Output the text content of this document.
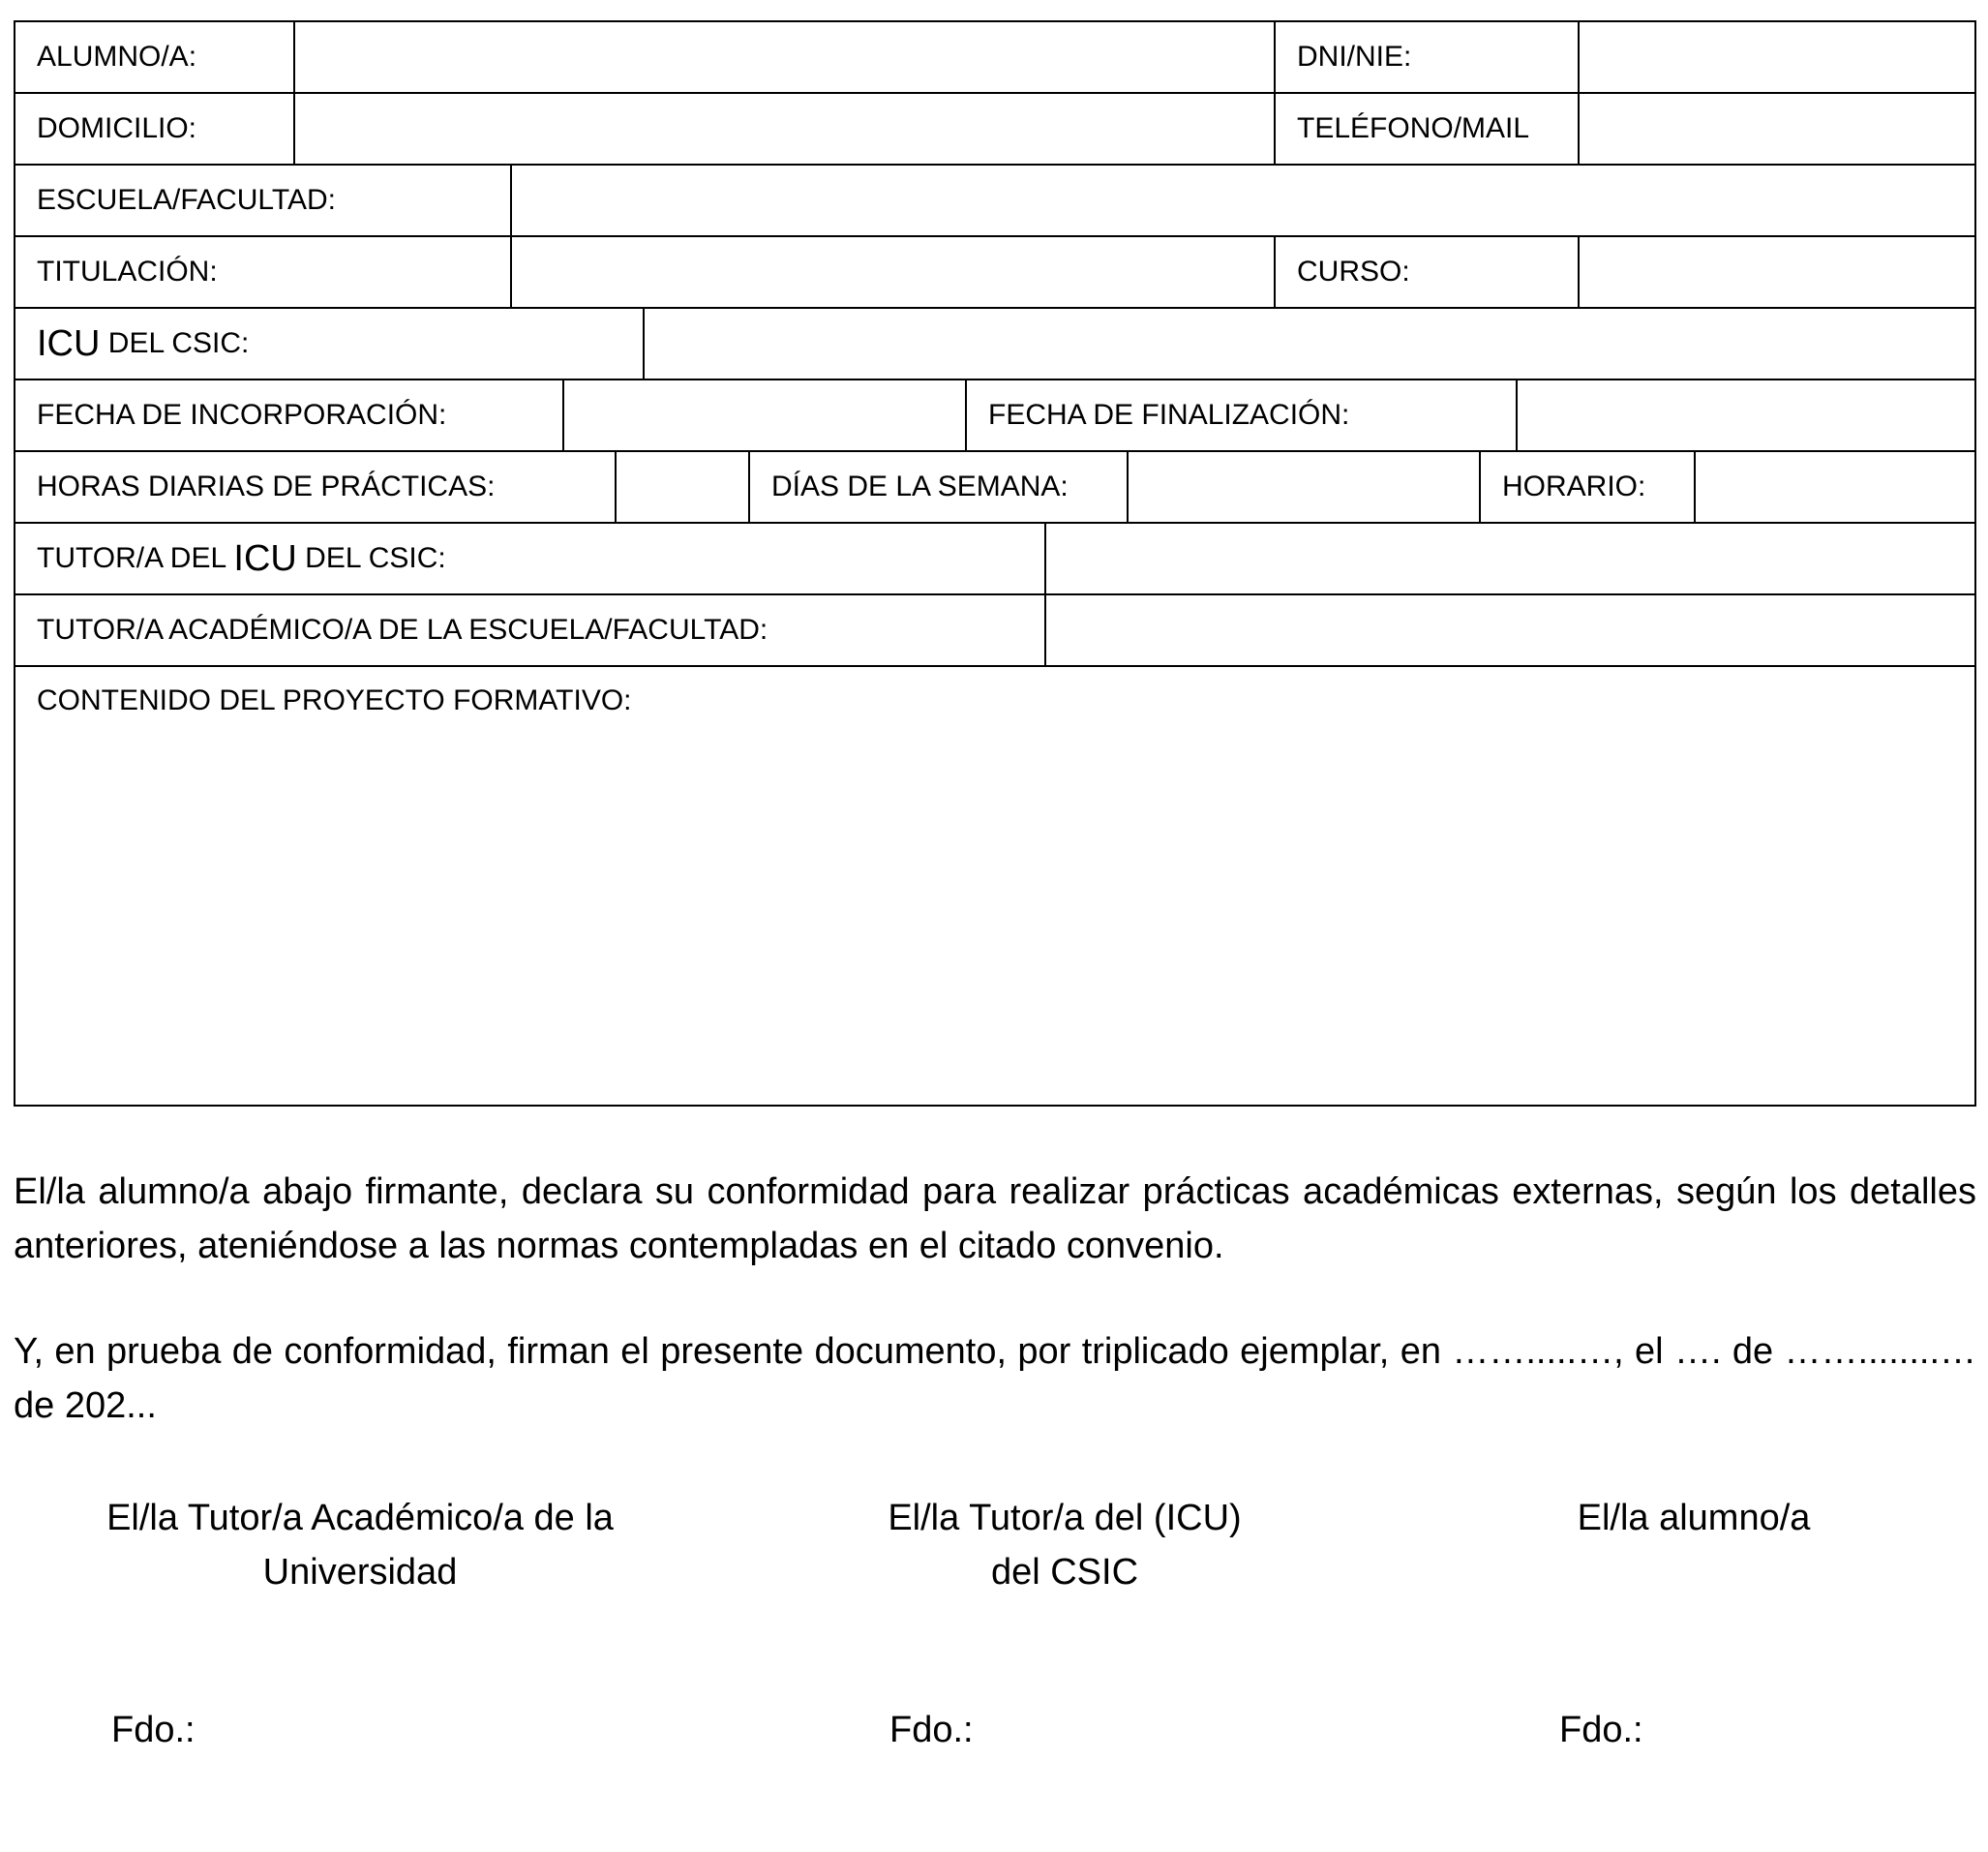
ALUMNO/A:	DNI/NIE:
DOMICILIO:	TELÉFONO/MAIL
ESCUELA/FACULTAD:
TITULACIÓN:	CURSO:
ICU DEL CSIC:
FECHA DE INCORPORACIÓN:	FECHA DE FINALIZACIÓN:
HORAS DIARIAS DE PRÁCTICAS:	DÍAS DE LA SEMANA:	HORARIO:
TUTOR/A DEL ICU DEL CSIC:
TUTOR/A ACADÉMICO/A DE LA ESCUELA/FACULTAD:
CONTENIDO DEL PROYECTO FORMATIVO:
El/la alumno/a abajo firmante, declara su conformidad para realizar prácticas académicas externas, según los detalles anteriores, ateniéndose a las normas contempladas en el citado convenio.
Y, en prueba de conformidad, firman el presente documento, por triplicado ejemplar, en …….....…, el …. de ……........… de 202...
El/la Tutor/a Académico/a de la
Universidad
El/la Tutor/a del (ICU)
del CSIC
El/la alumno/a
Fdo.:	Fdo.:	Fdo.:
